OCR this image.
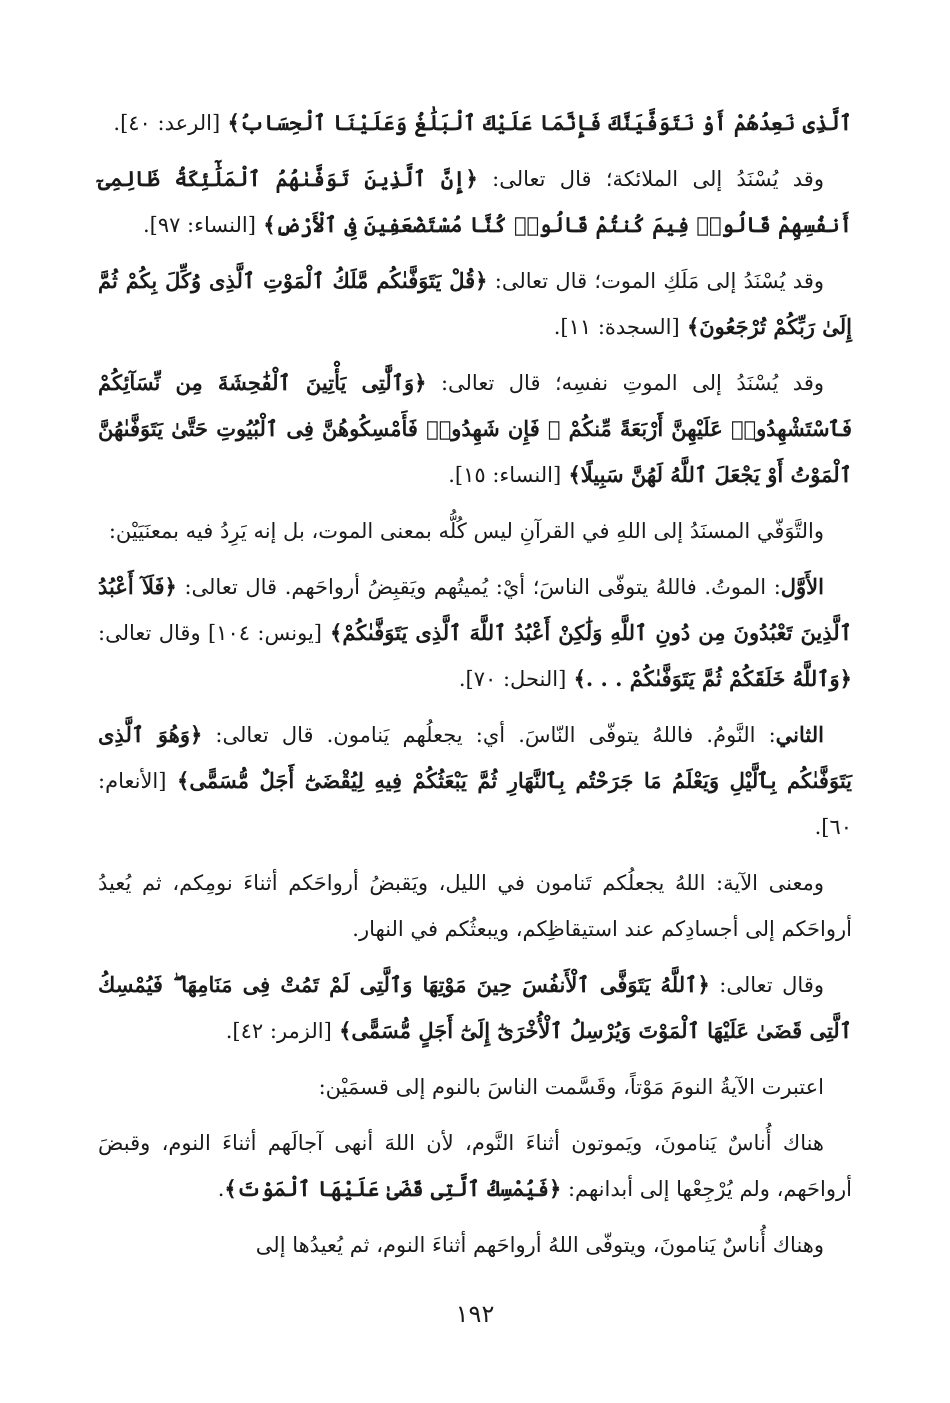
ٱلَّذِى نَعِدُهُمْ أَوْ نَتَوَفَّيَنَّكَ فَإِنَّمَا عَلَيْكَ ٱلْبَلَٰغُ وَعَلَيْنَا ٱلْحِسَابُ﴾ [الرعد: ٤٠].

وقد يُسْنَدُ إلى الملائكة؛ قال تعالى: ﴿إِنَّ ٱلَّذِينَ تَوَفَّىٰهُمُ ٱلْمَلَٰٓئِكَةُ ظَالِمِىٓ أَنفُسِهِمْ قَالُوا۟ فِيمَ كُنتُمْ قَالُوا۟ كُنَّا مُسْتَضْعَفِينَ فِى ٱلْأَرْضِ﴾ [النساء: ٩٧].

وقد يُسْنَدُ إلى مَلَكِ الموت؛ قال تعالى: ﴿قُلْ يَتَوَفَّىٰكُم مَّلَكُ ٱلْمَوْتِ ٱلَّذِى وُكِّلَ بِكُمْ ثُمَّ إِلَىٰ رَبِّكُمْ تُرْجَعُونَ﴾ [السجدة: ١١].

وقد يُسْنَدُ إلى الموتِ نفسِه؛ قال تعالى: ﴿وَٱلَّٰتِى يَأْتِينَ ٱلْفَٰحِشَةَ مِن نِّسَآئِكُمْ فَٱسْتَشْهِدُوا۟ عَلَيْهِنَّ أَرْبَعَةً مِّنكُمْ ۖ فَإِن شَهِدُوا۟ فَأَمْسِكُوهُنَّ فِى ٱلْبُيُوتِ حَتَّىٰ يَتَوَفَّىٰهُنَّ ٱلْمَوْتُ أَوْ يَجْعَلَ ٱللَّهُ لَهُنَّ سَبِيلًا﴾ [النساء: ١٥].

والتَّوَفّي المسنَدُ إلى اللهِ في القرآنِ ليس كُلُّه بمعنى الموت، بل إنه يَرِدُ فيه بمعنَيَيْن:

الأَوَّل: الموتُ. فاللهُ يتوفّى الناسَ؛ أيْ: يُميتُهم ويَقبِضُ أرواحَهم. قال تعالى: ﴿فَلَآ أَعْبُدُ ٱلَّذِينَ تَعْبُدُونَ مِن دُونِ ٱللَّهِ وَلَٰكِنْ أَعْبُدُ ٱللَّهَ ٱلَّذِى يَتَوَفَّىٰكُمْ﴾ [يونس: ١٠٤] وقال تعالى: ﴿وَٱللَّهُ خَلَقَكُمْ ثُمَّ يَتَوَفَّىٰكُمْ . . .﴾ [النحل: ٧٠].

الثاني: النَّومُ. فاللهُ يتوفّى النّاسَ. أي: يجعلُهم يَنامون. قال تعالى: ﴿وَهُوَ ٱلَّذِى يَتَوَفَّىٰكُم بِٱلَّيْلِ وَيَعْلَمُ مَا جَرَحْتُم بِٱلنَّهَارِ ثُمَّ يَبْعَثُكُمْ فِيهِ لِيُقْضَىٰٓ أَجَلٌ مُّسَمًّى﴾ [الأنعام: ٦٠].

ومعنى الآية: اللهُ يجعلُكم تَنامون في الليل، ويَقبضُ أرواحَكم أثناءَ نومِكم، ثم يُعيدُ أرواحَكم إلى أجسادِكم عند استيقاظِكم، ويبعثُكم في النهار.

وقال تعالى: ﴿ٱللَّهُ يَتَوَفَّى ٱلْأَنفُسَ حِينَ مَوْتِهَا وَٱلَّتِى لَمْ تَمُتْ فِى مَنَامِهَا ۖ فَيُمْسِكُ ٱلَّتِى قَضَىٰ عَلَيْهَا ٱلْمَوْتَ وَيُرْسِلُ ٱلْأُخْرَىٰٓ إِلَىٰٓ أَجَلٍ مُّسَمًّى﴾ [الزمر: ٤٢].

اعتبرت الآيةُ النومَ مَوْتاً، وقَسَّمت الناسَ بالنوم إلى قسمَيْن:

هناك أُناسٌ يَنامونَ، ويَموتون أثناءَ النَّوم، لأن اللهَ أنهى آجالَهم أثناءَ النوم، وقبضَ أرواحَهم، ولم يُرْجِعْها إلى أبدانهم: ﴿فَيُمْسِكُ ٱلَّتِى قَضَىٰ عَلَيْهَا ٱلْمَوْتَ﴾.

وهناك أُناسٌ يَنامونَ، ويتوفّى اللهُ أرواحَهم أثناءَ النوم، ثم يُعيدُها إلى

١٩٢
